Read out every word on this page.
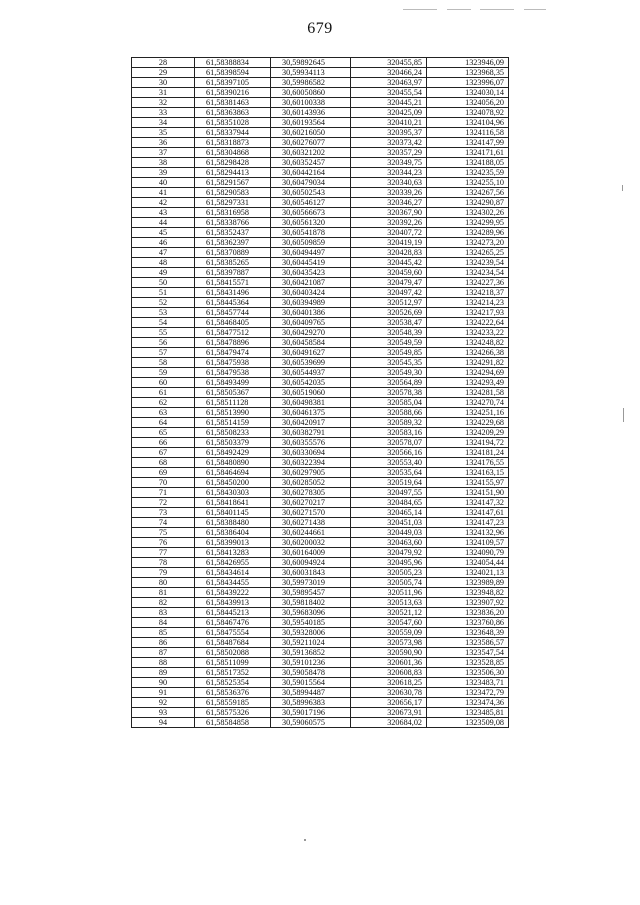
679
28	61,58388834	30,59892645	320455,85	1323946,09
29	61,58398594	30,59934113	320466,24	1323968,35
30	61,58397105	30,59986582	320463,97	1323996,07
31	61,58390216	30,60050860	320455,54	1324030,14
32	61,58381463	30,60100338	320445,21	1324056,20
33	61,58363863	30,60143936	320425,09	1324078,92
34	61,58351028	30,60193564	320410,21	1324104,96
35	61,58337944	30,60216050	320395,37	1324116,58
36	61,58318873	30,60276077	320373,42	1324147,99
37	61,58304868	30,60321202	320357,29	1324171,61
38	61,58298428	30,60352457	320349,75	1324188,05
39	61,58294413	30,60442164	320344,23	1324235,59
40	61,58291567	30,60479034	320340,63	1324255,10
41	61,58290583	30,60502543	320339,26	1324267,56
42	61,58297331	30,60546127	320346,27	1324290,87
43	61,58316958	30,60566673	320367,90	1324302,26
44	61,58338766	30,60561320	320392,26	1324299,95
45	61,58352437	30,60541878	320407,72	1324289,96
46	61,58362397	30,60509859	320419,19	1324273,20
47	61,58370889	30,60494497	320428,83	1324265,25
48	61,58385265	30,60445419	320445,42	1324239,54
49	61,58397887	30,60435423	320459,60	1324234,54
50	61,58415571	30,60421087	320479,47	1324227,36
51	61,58431496	30,60403424	320497,42	1324218,37
52	61,58445364	30,60394989	320512,97	1324214,23
53	61,58457744	30,60401386	320526,69	1324217,93
54	61,58468405	30,60409765	320538,47	1324222,64
55	61,58477512	30,60429270	320548,39	1324233,22
56	61,58478896	30,60458584	320549,59	1324248,82
57	61,58479474	30,60491627	320549,85	1324266,38
58	61,58475938	30,60539699	320545,35	1324291,82
59	61,58479538	30,60544937	320549,30	1324294,69
60	61,58493499	30,60542035	320564,89	1324293,49
61	61,58505367	30,60519060	320578,38	1324281,58
62	61,58511128	30,60498381	320585,04	1324270,74
63	61,58513990	30,60461375	320588,66	1324251,16
64	61,58514159	30,60420917	320589,32	1324229,68
65	61,58508233	30,60382791	320583,16	1324209,29
66	61,58503379	30,60355576	320578,07	1324194,72
67	61,58492429	30,60330694	320566,16	1324181,24
68	61,58480890	30,60322394	320553,40	1324176,55
69	61,58464694	30,60297905	320535,64	1324163,15
70	61,58450200	30,60285052	320519,64	1324155,97
71	61,58430303	30,60278305	320497,55	1324151,90
72	61,58418641	30,60270217	320484,65	1324147,32
73	61,58401145	30,60271570	320465,14	1324147,61
74	61,58388480	30,60271438	320451,03	1324147,23
75	61,58386404	30,60244661	320449,03	1324132,96
76	61,58399013	30,60200032	320463,60	1324109,57
77	61,58413283	30,60164009	320479,92	1324090,79
78	61,58426955	30,60094924	320495,96	1324054,44
79	61,58434614	30,60031843	320505,23	1324021,13
80	61,58434455	30,59973019	320505,74	1323989,89
81	61,58439222	30,59895457	320511,96	1323948,82
82	61,58439913	30,59818402	320513,63	1323907,92
83	61,58445213	30,59683096	320521,12	1323836,20
84	61,58467476	30,59540185	320547,60	1323760,86
85	61,58475554	30,59328006	320559,09	1323648,39
86	61,58487684	30,59211024	320573,98	1323586,57
87	61,58502088	30,59136852	320590,90	1323547,54
88	61,58511099	30,59101236	320601,36	1323528,85
89	61,58517352	30,59058478	320608,83	1323506,30
90	61,58525354	30,59015564	320618,25	1323483,71
91	61,58536376	30,58994487	320630,78	1323472,79
92	61,58559185	30,58996383	320656,17	1323474,36
93	61,58575326	30,59017196	320673,91	1323485,81
94	61,58584858	30,59060575	320684,02	1323509,08
